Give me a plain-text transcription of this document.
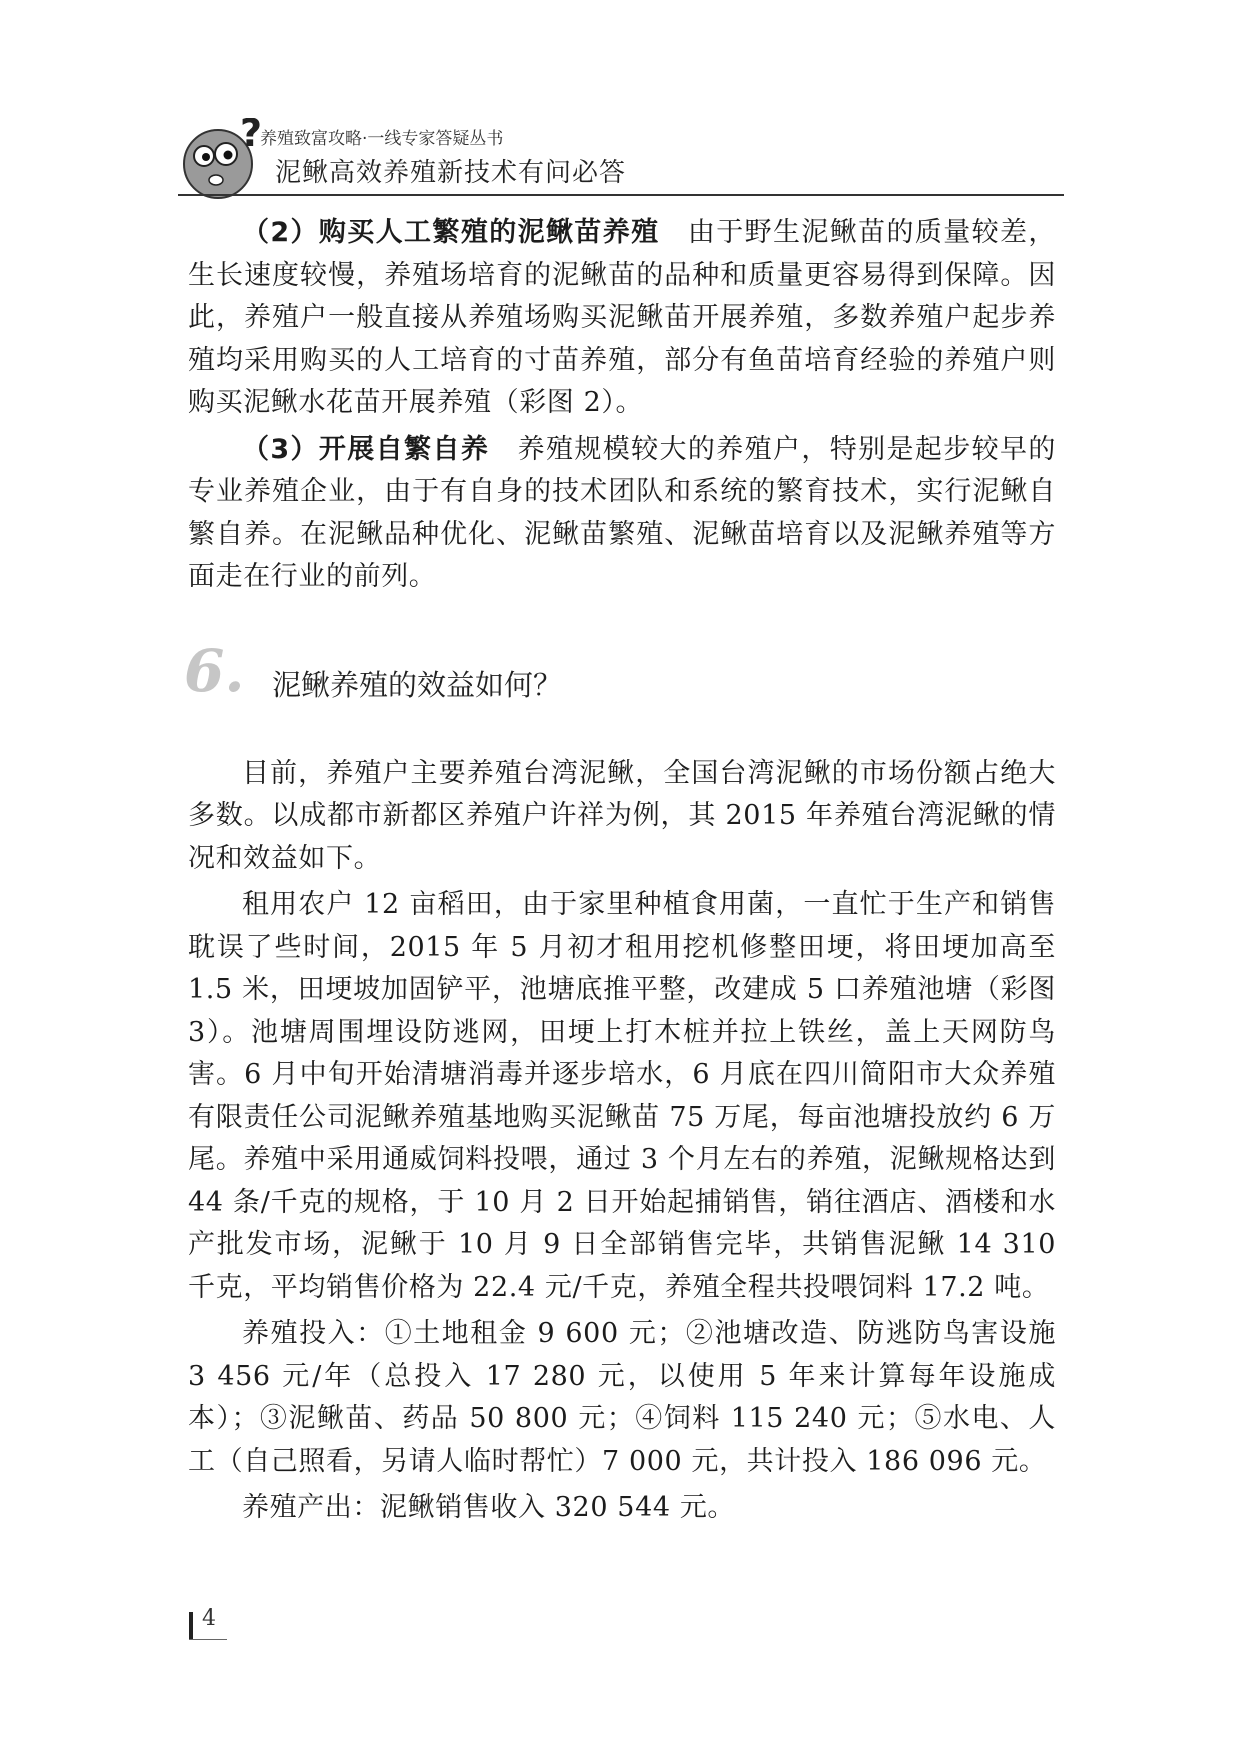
?
养殖致富攻略·一线专家答疑丛书
泥鳅高效养殖新技术有问必答

（2）购买人工繁殖的泥鳅苗养殖　由于野生泥鳅苗的质量较差，生长速度较慢，养殖场培育的泥鳅苗的品种和质量更容易得到保障。因此，养殖户一般直接从养殖场购买泥鳅苗开展养殖，多数养殖户起步养殖均采用购买的人工培育的寸苗养殖，部分有鱼苗培育经验的养殖户则购买泥鳅水花苗开展养殖（彩图 2）。

（3）开展自繁自养　养殖规模较大的养殖户，特别是起步较早的专业养殖企业，由于有自身的技术团队和系统的繁育技术，实行泥鳅自繁自养。在泥鳅品种优化、泥鳅苗繁殖、泥鳅苗培育以及泥鳅养殖等方面走在行业的前列。

6. 泥鳅养殖的效益如何？

目前，养殖户主要养殖台湾泥鳅，全国台湾泥鳅的市场份额占绝大多数。以成都市新都区养殖户许祥为例，其 2015 年养殖台湾泥鳅的情况和效益如下。

租用农户 12 亩稻田，由于家里种植食用菌，一直忙于生产和销售耽误了些时间，2015 年 5 月初才租用挖机修整田埂，将田埂加高至 1.5 米，田埂坡加固铲平，池塘底推平整，改建成 5 口养殖池塘（彩图 3）。池塘周围埋设防逃网，田埂上打木桩并拉上铁丝，盖上天网防鸟害。6 月中旬开始清塘消毒并逐步培水，6 月底在四川简阳市大众养殖有限责任公司泥鳅养殖基地购买泥鳅苗 75 万尾，每亩池塘投放约 6 万尾。养殖中采用通威饲料投喂，通过 3 个月左右的养殖，泥鳅规格达到 44 条/千克的规格，于 10 月 2 日开始起捕销售，销往酒店、酒楼和水产批发市场，泥鳅于 10 月 9 日全部销售完毕，共销售泥鳅 14 310 千克，平均销售价格为 22.4 元/千克，养殖全程共投喂饲料 17.2 吨。

养殖投入：①土地租金 9 600 元；②池塘改造、防逃防鸟害设施 3 456 元/年（总投入 17 280 元，以使用 5 年来计算每年设施成本）；③泥鳅苗、药品 50 800 元；④饲料 115 240 元；⑤水电、人工（自己照看，另请人临时帮忙）7 000 元，共计投入 186 096 元。

养殖产出：泥鳅销售收入 320 544 元。

4
